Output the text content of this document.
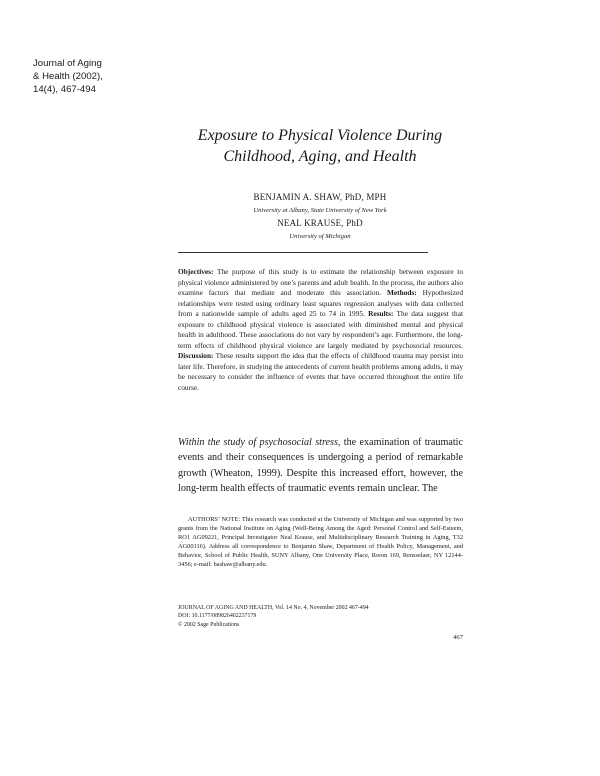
Journal of Aging
& Health (2002),
14(4), 467-494
Exposure to Physical Violence During
Childhood, Aging, and Health
BENJAMIN A. SHAW, PhD, MPH
University at Albany, State University of New York
NEAL KRAUSE, PhD
University of Michigan
Objectives: The purpose of this study is to estimate the relationship between exposure to physical violence administered by one’s parents and adult health. In the process, the authors also examine factors that mediate and moderate this association. Methods: Hypothesized relationships were tested using ordinary least squares regression analyses with data collected from a nationwide sample of adults aged 25 to 74 in 1995. Results: The data suggest that exposure to childhood physical violence is associated with diminished mental and physical health in adulthood. These associations do not vary by respondent’s age. Furthermore, the long-term effects of childhood physical violence are largely mediated by psychosocial resources. Discussion: These results support the idea that the effects of childhood trauma may persist into later life. Therefore, in studying the antecedents of current health problems among adults, it may be necessary to consider the influence of events that have occurred throughout the entire life course.
Within the study of psychosocial stress, the examination of traumatic events and their consequences is undergoing a period of remarkable growth (Wheaton, 1999). Despite this increased effort, however, the long-term health effects of traumatic events remain unclear. The
AUTHORS’ NOTE: This research was conducted at the University of Michigan and was supported by two grants from the National Institute on Aging (Well-Being Among the Aged: Personal Control and Self-Esteem, RO1 AG09221, Principal Investigator Neal Krause, and Multidisciplinary Research Training in Aging, T32 AG00116). Address all correspondence to Benjamin Shaw, Department of Health Policy, Management, and Behavior, School of Public Health, SUNY Albany, One University Place, Room 169, Rensselaer, NY 12144-3456; e-mail: bashaw@albany.edu.
JOURNAL OF AGING AND HEALTH, Vol. 14 No. 4, November 2002 467-494
DOI: 10.1177/089826402237179
© 2002 Sage Publications
467
